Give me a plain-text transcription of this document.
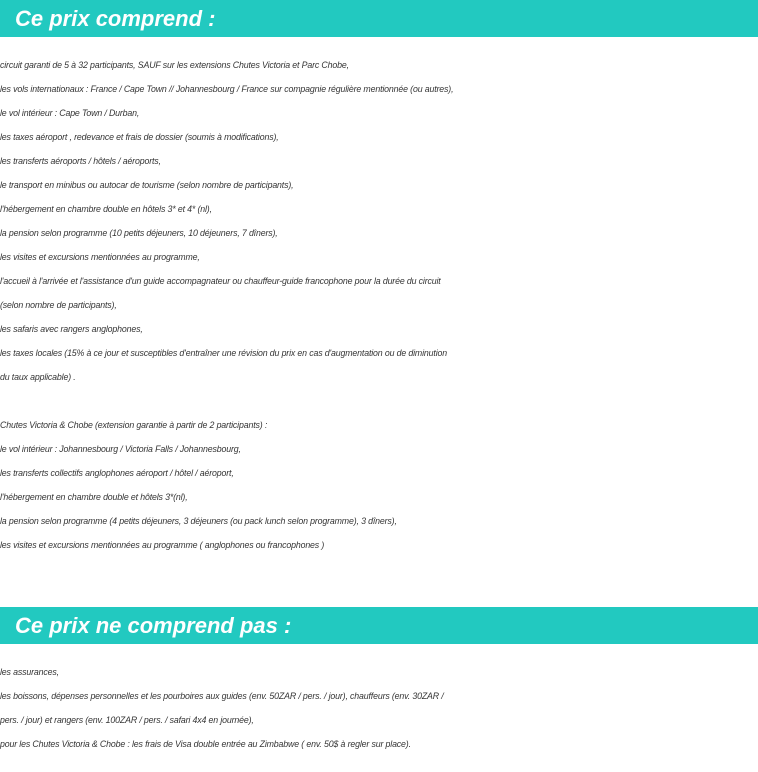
Ce prix comprend :
circuit garanti de 5 à 32 participants, SAUF sur les extensions Chutes Victoria et Parc Chobe,
les vols internationaux : France / Cape Town // Johannesbourg / France sur compagnie régulière mentionnée (ou autres),
le vol intérieur : Cape Town / Durban,
les taxes aéroport , redevance et frais de dossier (soumis à modifications),
les transferts aéroports / hôtels / aéroports,
le transport en minibus ou autocar de tourisme (selon nombre de participants),
l'hébergement en chambre double en hôtels 3* et 4* (nl),
la pension selon programme (10 petits déjeuners, 10 déjeuners, 7 dîners),
les visites et excursions mentionnées au programme,
l'accueil à l'arrivée et l'assistance d'un guide accompagnateur ou chauffeur-guide francophone pour la durée du circuit
(selon nombre de participants),
les safaris avec rangers anglophones,
les taxes locales (15% à ce jour et susceptibles d'entraîner une révision du prix en cas d'augmentation ou de diminution
du taux applicable) .
Chutes Victoria & Chobe (extension garantie à partir de 2 participants) :
le vol intérieur : Johannesbourg / Victoria Falls / Johannesbourg,
les transferts collectifs anglophones aéroport / hôtel / aéroport,
l'hébergement en chambre double et hôtels 3*(nl),
la pension selon programme (4 petits déjeuners, 3 déjeuners (ou pack lunch selon programme), 3 dîners),
les visites et excursions mentionnées au programme ( anglophones ou francophones )
Ce prix ne comprend pas :
les assurances,
les boissons, dépenses personnelles et les pourboires aux guides (env. 50ZAR / pers. / jour), chauffeurs (env. 30ZAR /
pers. / jour) et rangers (env. 100ZAR / pers. / safari 4x4 en journée),
pour les Chutes Victoria & Chobe : les frais de Visa double entrée au Zimbabwe ( env. 50$ à regler sur place).
